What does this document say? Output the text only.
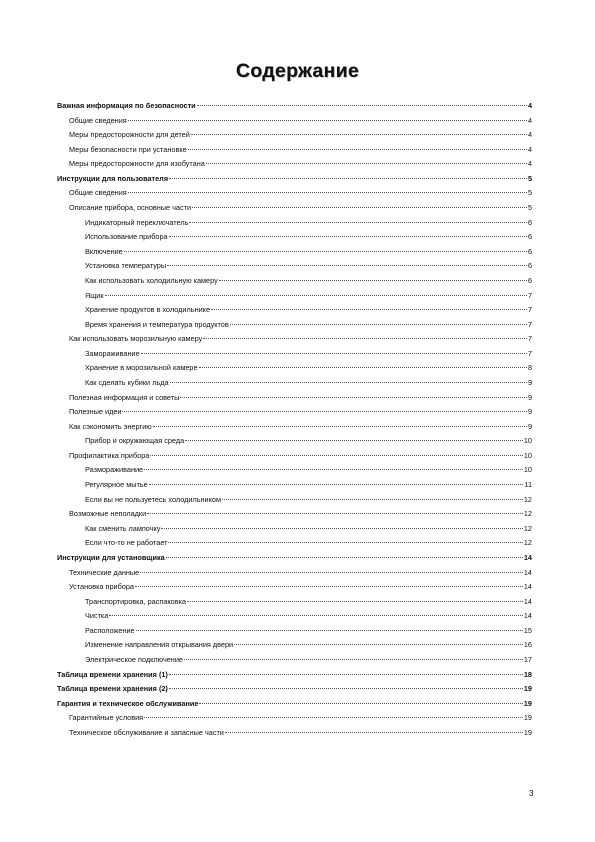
Содержание
Важная информация по безопасности	4
Общие сведения	4
Меры предосторожности для детей	4
Меры безопасности при установке	4
Меры предосторожности для изобутана	4
Инструкции для пользователя	5
Общие сведения	5
Описание прибора, основные части	5
Индикаторный переключатель	6
Использование прибора	6
Включение	6
Установка температуры	6
Как использовать холодильную камеру	6
Ящик	7
Хранение продуктов в холодильнике	7
Время хранения и температура продуктов	7
Как использовать морозильную камеру	7
Замораживание	7
Хранение в морозильной камере	8
Как сделать кубики льда	9
Полезная информация и советы	9
Полезные идеи	9
Как сэкономить энергию	9
Прибор и окружающая среда	10
Профилактика прибора	10
Размораживание	10
Регулярное мытье	11
Если вы не пользуетесь холодильником	12
Возможные неполадки	12
Как сменить лампочку	12
Если что-то не работает	12
Инструкции для установщика	14
Технические данные	14
Установка прибора	14
Транспортировка, распаковка	14
Чистка	14
Расположение	15
Изменение направления открывания двери	16
Электрическое подключение	17
Таблица времени хранения (1)	18
Таблица времени хранения (2)	19
Гарантия и техническое обслуживание	19
Гарантийные условия	19
Техническое обслуживание и запасные части	19
3
